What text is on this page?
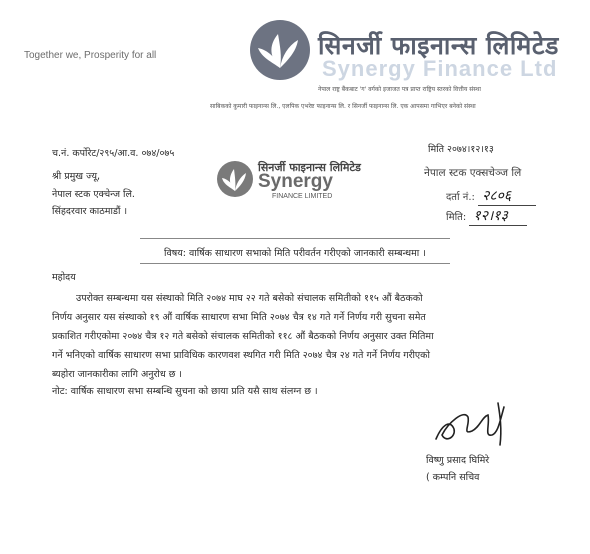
Together we, Prosperity for all	सिनर्जी फाइनान्स लिमिटेड
Synergy Finance Ltd
नेपाल राष्ट्र बैंकबाट 'ग' वर्गको इजाजत पत्र प्राप्त राष्ट्रिय स्तरको वित्तीय संस्था
साबिकको कुमारी फाइनान्स लि., एलपिक एभरेष्ट फाइनान्स लि. र सिनर्जी फाइनान्स लि. एक आपसमा गाभिएर बनेको संस्था
च.नं. कर्पोरेट/२९५/आ.व. ०७४/०७५	मिति २०७४।१२।१३
श्री प्रमुख ज्यू,
नेपाल स्टक एक्चेन्ज लि.
सिंहदरवार काठमाडौं ।
सिनर्जी फाइनान्स लिमिटेड
Synergy
FINANCE LIMITED
नेपाल स्टक एक्सचेञ्ज लि
दर्ता नं.: २८०६
मिति: १२।१३
विषय: वार्षिक साधारण सभाको मिति परीवर्तन गरीएको जानकारी सम्बन्धमा ।
महोदय
उपरोक्त सम्बन्धमा यस संस्थाको मिति २०७४ माघ २२ गते बसेको संचालक समितीको ११५ औं बैठकको
निर्णय अनुसार यस संस्थाको १९ औं वार्षिक साधारण सभा मिति २०७४ चैत्र १४ गते गर्ने निर्णय गरी सुचना समेत
प्रकाशित गरीएकोमा २०७४ चैत्र १२ गते बसेको संचालक समितीको ११८ औं बैठकको निर्णय अनुसार उक्त मितिमा
गर्ने भनिएको वार्षिक साधारण सभा प्राविधिक कारणवश स्थगित गरी मिति २०७४ चैत्र २४ गते गर्ने निर्णय गरीएको
ब्यहोरा जानकारीका लागि अनुरोध छ ।
नोट: वार्षिक साधारण सभा सम्बन्धि सुचना को छाया प्रति यसै साथ संलग्न छ ।
विष्णु प्रसाद घिमिरे
( कम्पनि सचिव
